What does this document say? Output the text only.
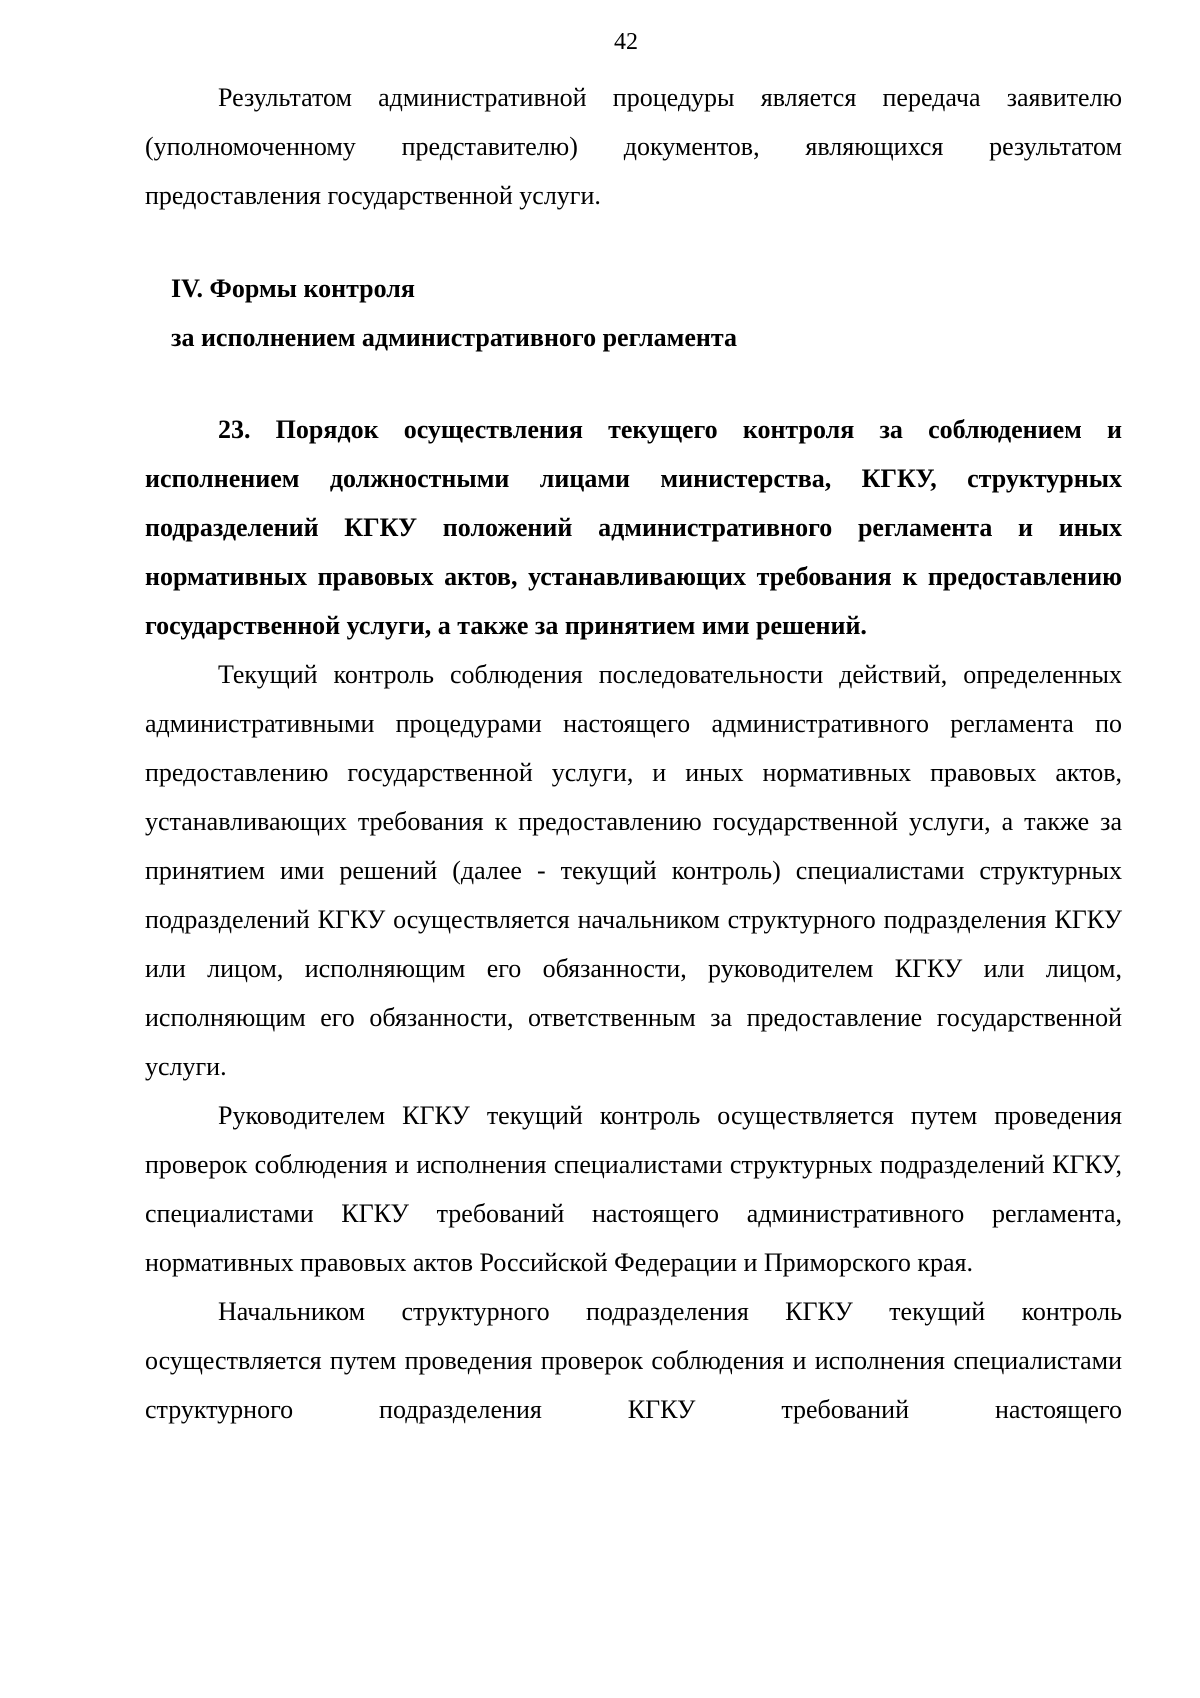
42

Результатом административной процедуры является передача заявителю (уполномоченному представителю) документов, являющихся результатом предоставления государственной услуги.

IV. Формы контроля

за исполнением административного регламента

23. Порядок осуществления текущего контроля за соблюдением и исполнением должностными лицами министерства, КГКУ, структурных подразделений КГКУ положений административного регламента и иных нормативных правовых актов, устанавливающих требования к предоставлению государственной услуги, а также за принятием ими решений.

Текущий контроль соблюдения последовательности действий, определенных административными процедурами настоящего административного регламента по предоставлению государственной услуги, и иных нормативных правовых актов, устанавливающих требования к предоставлению государственной услуги, а также за принятием ими решений (далее - текущий контроль) специалистами структурных подразделений КГКУ осуществляется начальником структурного подразделения КГКУ или лицом, исполняющим его обязанности, руководителем КГКУ или лицом, исполняющим его обязанности, ответственным за предоставление государственной услуги.

Руководителем КГКУ текущий контроль осуществляется путем проведения проверок соблюдения и исполнения специалистами структурных подразделений КГКУ, специалистами КГКУ требований настоящего административного регламента, нормативных правовых актов Российской Федерации и Приморского края.

Начальником структурного подразделения КГКУ текущий контроль осуществляется путем проведения проверок соблюдения и исполнения специалистами структурного подразделения КГКУ требований настоящего
